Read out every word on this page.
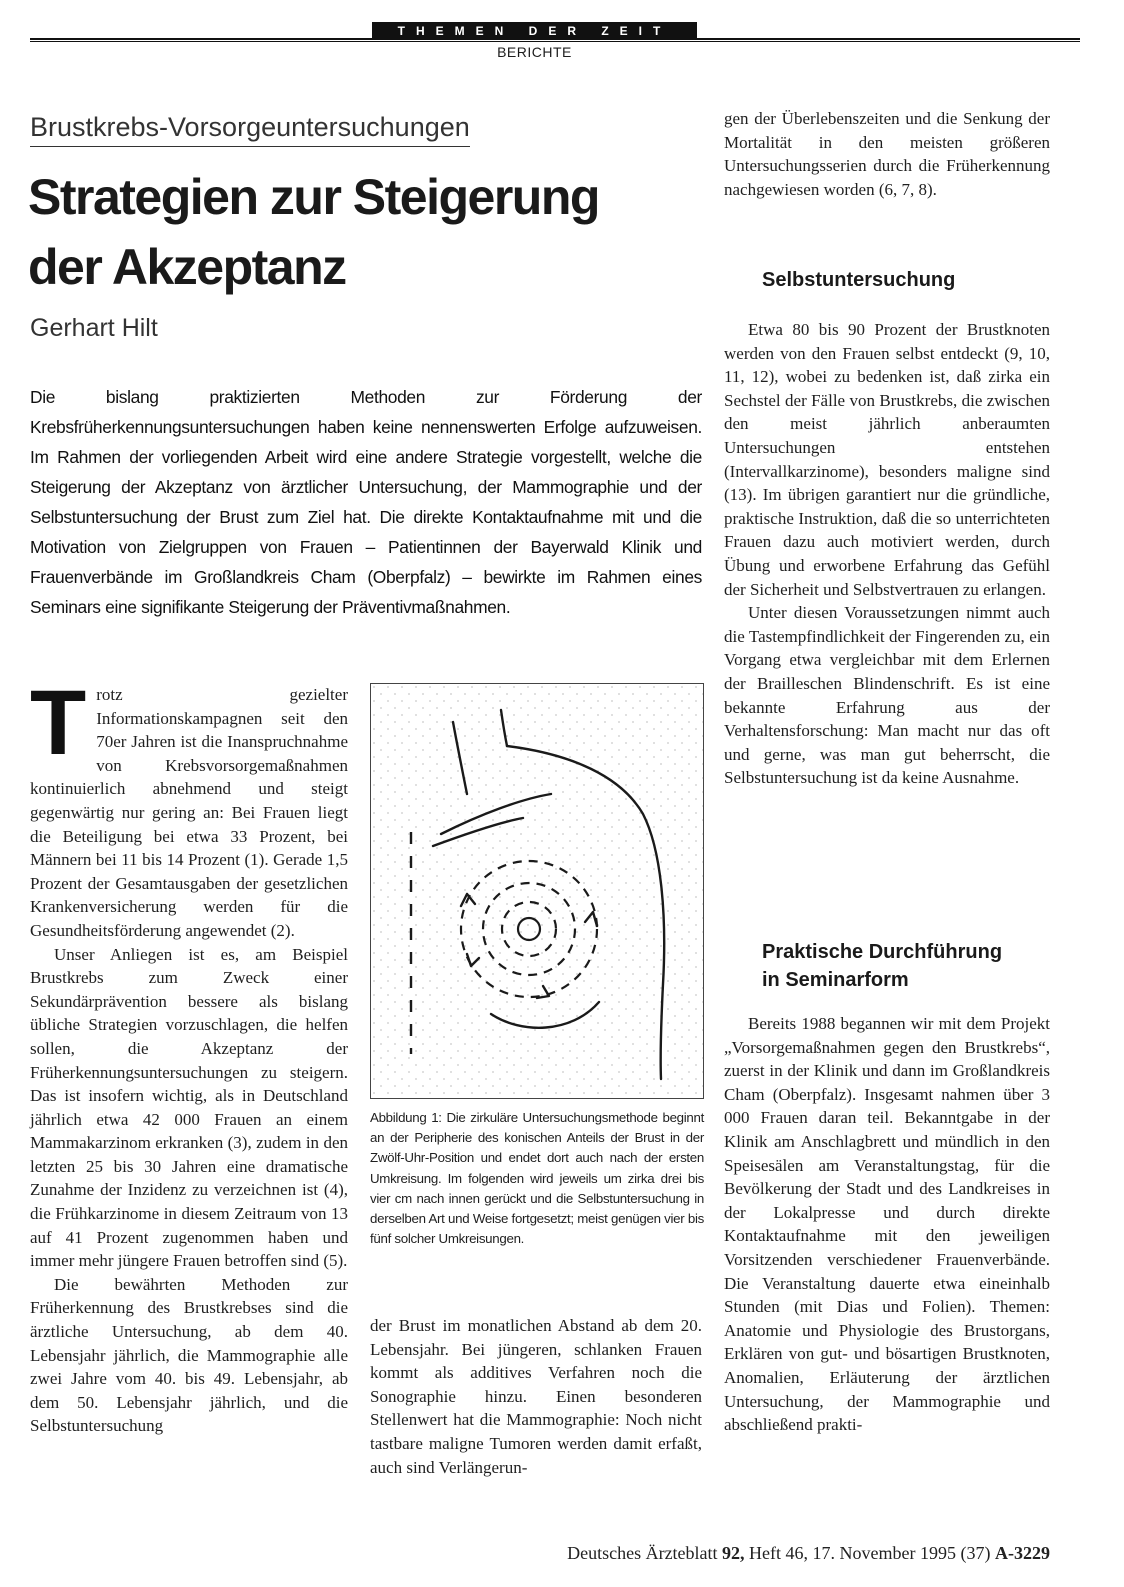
THEMEN DER ZEIT
BERICHTE
Brustkrebs-Vorsorgeuntersuchungen
Strategien zur Steigerung
der Akzeptanz
Gerhart Hilt
Die bislang praktizierten Methoden zur Förderung der Krebsfrüherkennungsuntersuchungen haben keine nennenswerten Erfolge aufzuweisen. Im Rahmen der vorliegenden Arbeit wird eine andere Strategie vorgestellt, welche die Steigerung der Akzeptanz von ärztlicher Untersuchung, der Mammographie und der Selbstuntersuchung der Brust zum Ziel hat. Die direkte Kontaktaufnahme mit und die Motivation von Zielgruppen von Frauen – Patientinnen der Bayerwald Klinik und Frauenverbände im Großlandkreis Cham (Oberpfalz) – bewirkte im Rahmen eines Seminars eine signifikante Steigerung der Präventivmaßnahmen.
T rotz gezielter Informationskampagnen seit den 70er Jahren ist die Inanspruchnahme von Krebsvorsorgemaßnahmen kontinuierlich abnehmend und steigt gegenwärtig nur gering an: Bei Frauen liegt die Beteiligung bei etwa 33 Prozent, bei Männern bei 11 bis 14 Prozent (1). Gerade 1,5 Prozent der Gesamtausgaben der gesetzlichen Krankenversicherung werden für die Gesundheitsförderung angewendet (2).

Unser Anliegen ist es, am Beispiel Brustkrebs zum Zweck einer Sekundärprävention bessere als bislang übliche Strategien vorzuschlagen, die helfen sollen, die Akzeptanz der Früherkennungsuntersuchungen zu steigern. Das ist insofern wichtig, als in Deutschland jährlich etwa 42 000 Frauen an einem Mammakarzinom erkranken (3), zudem in den letzten 25 bis 30 Jahren eine dramatische Zunahme der Inzidenz zu verzeichnen ist (4), die Frühkarzinome in diesem Zeitraum von 13 auf 41 Prozent zugenommen haben und immer mehr jüngere Frauen betroffen sind (5).

Die bewährten Methoden zur Früherkennung des Brustkrebses sind die ärztliche Untersuchung, ab dem 40. Lebensjahr jährlich, die Mammographie alle zwei Jahre vom 40. bis 49. Lebensjahr, ab dem 50. Lebensjahr jährlich, und die Selbstuntersuchung

Abbildung 1: Die zirkuläre Untersuchungsmethode beginnt an der Peripherie des konischen Anteils der Brust in der Zwölf-Uhr-Position und endet dort auch nach der ersten Umkreisung. Im folgenden wird jeweils um zirka drei bis vier cm nach innen gerückt und die Selbstuntersuchung in derselben Art und Weise fortgesetzt; meist genügen vier bis fünf solcher Umkreisungen.

der Brust im monatlichen Abstand ab dem 20. Lebensjahr. Bei jüngeren, schlanken Frauen kommt als additives Verfahren noch die Sonographie hinzu. Einen besonderen Stellenwert hat die Mammographie: Noch nicht tastbare maligne Tumoren werden damit erfaßt, auch sind Verlängerun-

gen der Überlebenszeiten und die Senkung der Mortalität in den meisten größeren Untersuchungsserien durch die Früherkennung nachgewiesen worden (6, 7, 8).

Selbstuntersuchung

Etwa 80 bis 90 Prozent der Brustknoten werden von den Frauen selbst entdeckt (9, 10, 11, 12), wobei zu bedenken ist, daß zirka ein Sechstel der Fälle von Brustkrebs, die zwischen den meist jährlich anberaumten Untersuchungen entstehen (Intervallkarzinome), besonders maligne sind (13). Im übrigen garantiert nur die gründliche, praktische Instruktion, daß die so unterrichteten Frauen dazu auch motiviert werden, durch Übung und erworbene Erfahrung das Gefühl der Sicherheit und Selbstvertrauen zu erlangen.

Unter diesen Voraussetzungen nimmt auch die Tastempfindlichkeit der Fingerenden zu, ein Vorgang etwa vergleichbar mit dem Erlernen der Brailleschen Blindenschrift. Es ist eine bekannte Erfahrung aus der Verhaltensforschung: Man macht nur das oft und gerne, was man gut beherrscht, die Selbstuntersuchung ist da keine Ausnahme.

Praktische Durchführung
in Seminarform

Bereits 1988 begannen wir mit dem Projekt „Vorsorgemaßnahmen gegen den Brustkrebs“, zuerst in der Klinik und dann im Großlandkreis Cham (Oberpfalz). Insgesamt nahmen über 3 000 Frauen daran teil. Bekanntgabe in der Klinik am Anschlagbrett und mündlich in den Speisesälen am Veranstaltungstag, für die Bevölkerung der Stadt und des Landkreises in der Lokalpresse und durch direkte Kontaktaufnahme mit den jeweiligen Vorsitzenden verschiedener Frauenverbände. Die Veranstaltung dauerte etwa eineinhalb Stunden (mit Dias und Folien). Themen: Anatomie und Physiologie des Brustorgans, Erklären von gut- und bösartigen Brustknoten, Anomalien, Erläuterung der ärztlichen Untersuchung, der Mammographie und abschließend prakti-

Deutsches Ärzteblatt 92, Heft 46, 17. November 1995 (37) A-3229
